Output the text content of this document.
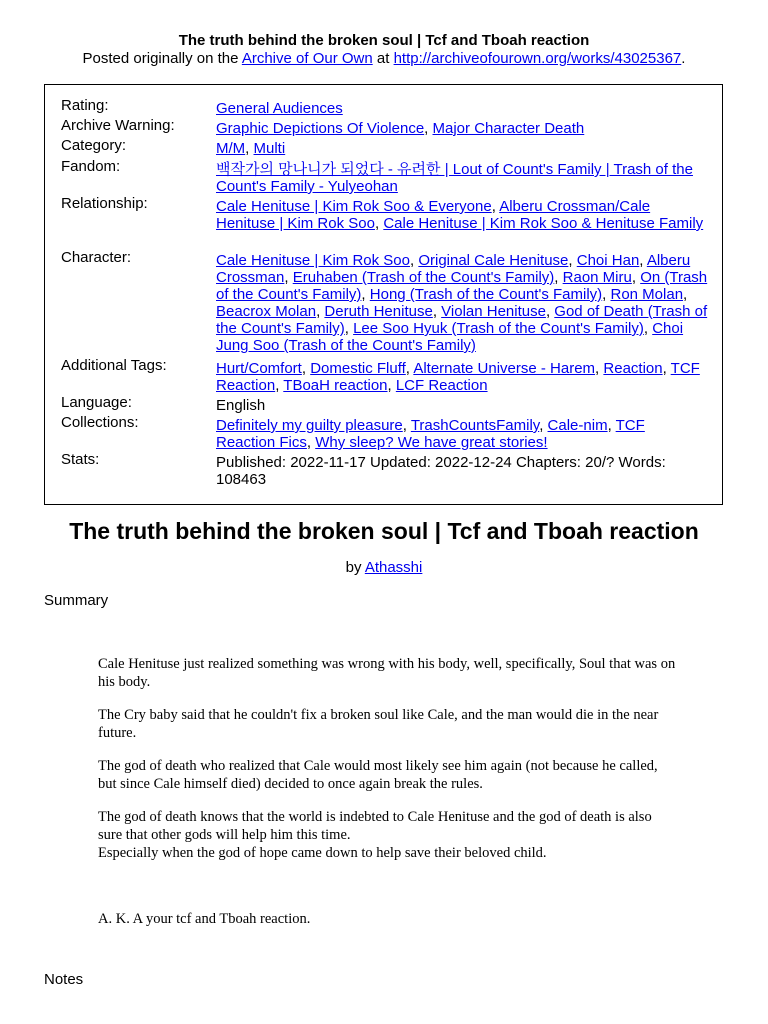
The truth behind the broken soul | Tcf and Tboah reaction
Posted originally on the Archive of Our Own at http://archiveofourown.org/works/43025367.
Rating:	General Audiences
Archive Warning:	Graphic Depictions Of Violence, Major Character Death
Category:	M/M, Multi
Fandom:	백작가의 망나니가 되었다 - 유려한 | Lout of Count's Family | Trash of the Count's Family - Yulyeohan
Relationship:	Cale Henituse | Kim Rok Soo & Everyone, Alberu Crossman/Cale Henituse | Kim Rok Soo, Cale Henituse | Kim Rok Soo & Henituse Family
Character:	Cale Henituse | Kim Rok Soo, Original Cale Henituse, Choi Han, Alberu Crossman, Eruhaben (Trash of the Count's Family), Raon Miru, On (Trash of the Count's Family), Hong (Trash of the Count's Family), Ron Molan, Beacrox Molan, Deruth Henituse, Violan Henituse, God of Death (Trash of the Count's Family), Lee Soo Hyuk (Trash of the Count's Family), Choi Jung Soo (Trash of the Count's Family)
Additional Tags:	Hurt/Comfort, Domestic Fluff, Alternate Universe - Harem, Reaction, TCF Reaction, TBoaH reaction, LCF Reaction
Language:	English
Collections:	Definitely my guilty pleasure, TrashCountsFamily, Cale-nim, TCF Reaction Fics, Why sleep? We have great stories!
Stats:	Published: 2022-11-17 Updated: 2022-12-24 Chapters: 20/? Words: 108463
The truth behind the broken soul | Tcf and Tboah reaction
by Athasshi
Summary

Cale Henituse just realized something was wrong with his body, well, specifically, Soul that was on his body.

The Cry baby said that he couldn't fix a broken soul like Cale, and the man would die in the near future.

The god of death who realized that Cale would most likely see him again (not because he called, but since Cale himself died) decided to once again break the rules.

The god of death knows that the world is indebted to Cale Henituse and the god of death is also sure that other gods will help him this time.

Especially when the god of hope came down to help save their beloved child.

A. K. A your tcf and Tboah reaction.

Notes
